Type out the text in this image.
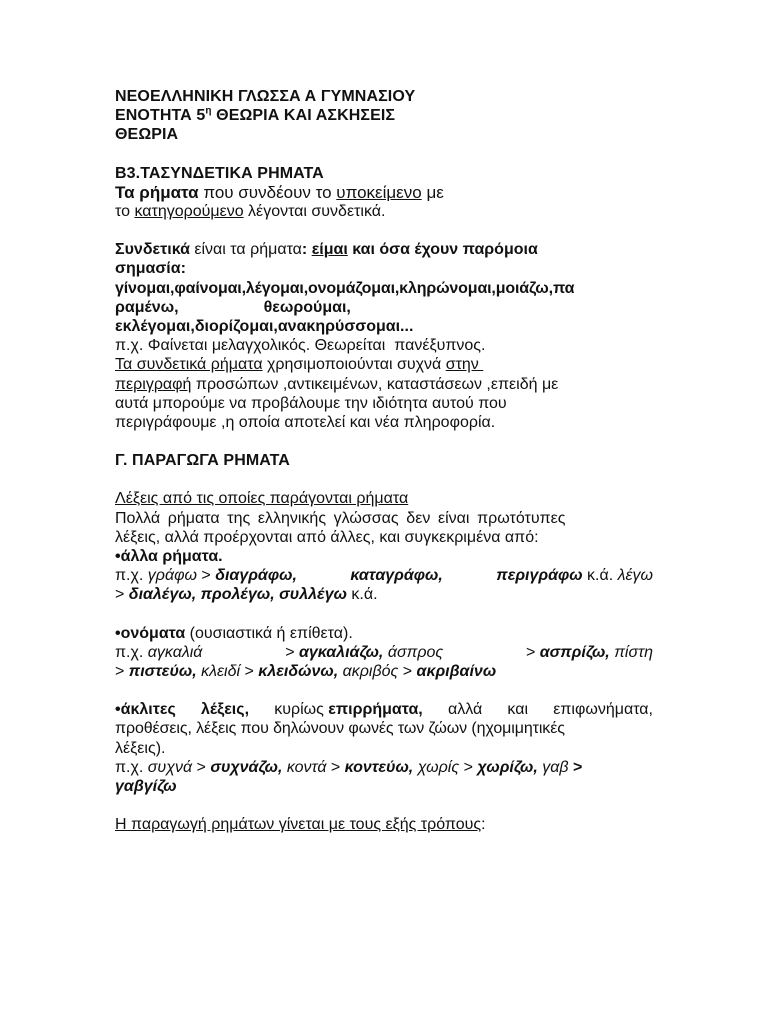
ΝΕΟΕΛΛΗΝΙΚΗ ΓΛΩΣΣΑ Α ΓΥΜΝΑΣΙΟΥ

ΕΝΟΤΗΤΑ $5^\eta$ ΘΕΩΡΙΑ ΚΑΙ ΑΣΚΗΣΕΙΣ

ΘΕΩΡΙΑ

Β3.ΤΑΣΥΝΔΕΤΙΚΑ ΡΗΜΑΤΑ

Τα ρήματα που συνδέουν το υποκείμενο με

το κατηγορούμενο λέγονται συνδετικά.

Συνδετικά είναι τα ρήματα: είμαι και όσα έχουν παρόμοια

σημασία:

γίνομαι,φαίνομαι,λέγομαι,ονομάζομαι,κληρώνομαι,μοιάζω,πα

ραμένω,	θεωρούμαι,

εκλέγομαι,διορίζομαι,ανακηρύσσομαι...

π.χ. Φαίνεται μελαγχολικός. Θεωρείται  πανέξυπνος.

Τα συνδετικά ρήματα χρησιμοποιούνται συχνά στην

περιγραφή προσώπων ,αντικειμένων, καταστάσεων ,επειδή με

αυτά μπορούμε να προβάλουμε την ιδιότητα αυτού που

περιγράφουμε ,η οποία αποτελεί και νέα πληροφορία.

Γ. ΠΑΡΑΓΩΓΑ ΡΗΜΑΤΑ

Λέξεις από τις οποίες παράγονται ρήματα

Πολλά ρήματα της ελληνικής γλώσσας δεν είναι πρωτότυπες

λέξεις, αλλά προέρχονται από άλλες, και συγκεκριμένα από:

•άλλα ρήματα.

π.χ. γράφω > διαγράφω,	καταγράφω,	περιγράφω κ.ά. λέγω

> διαλέγω, προλέγω, συλλέγω κ.ά.

•ονόματα (ουσιαστικά ή επίθετα).

π.χ. αγκαλιά	> αγκαλιάζω, άσπρος	> ασπρίζω, πίστη

> πιστεύω, κλειδί > κλειδώνω, ακριβός > ακριβαίνω

•άκλιτες λέξεις, κυρίως επιρρήματα, αλλά και επιφωνήματα,

προθέσεις, λέξεις που δηλώνουν φωνές των ζώων (ηχομιμητικές

λέξεις).

π.χ. συχνά > συχνάζω, κοντά > κοντεύω, χωρίς > χωρίζω, γαβ >

γαβγίζω

Η παραγωγή ρημάτων γίνεται με τους εξής τρόπους:
